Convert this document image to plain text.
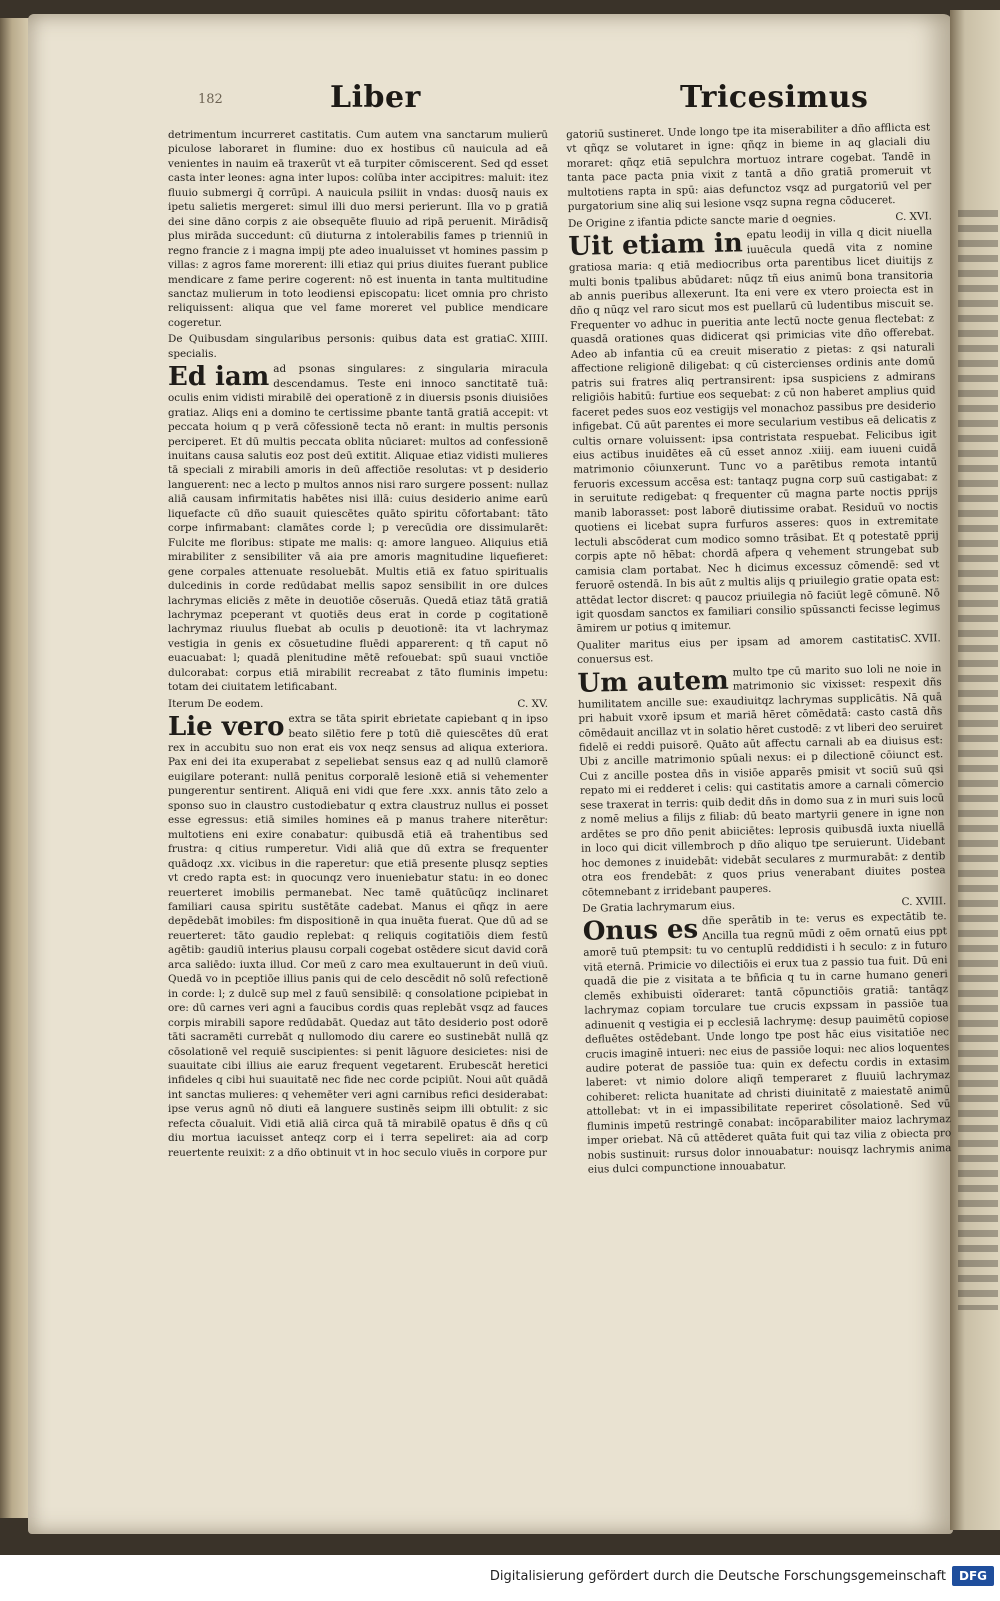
182	Liber	Tricesimus

detrimentum incurreret castitatis. Cum autem vna sanctarum mulierū piculose laboraret in flumine: duo ex hostibus cū nauicula ad eā venientes in nauim eā traxerūt vt eā turpiter cōmiscerent. Sed qd esset casta inter leones: agna inter lupos: colūba inter accipitres: maluit: itez fluuio submergi q̄ corrūpi. A nauicula psiliit in vndas: duosq̄ nauis ex ipetu salietis mergeret: simul illi duo mersi perierunt. Illa vo p gratiā dei sine dāno corpis z aie obsequēte fluuio ad ripā peruenit. Mirādisq̄ plus mirāda succedunt: cū diuturna z intolerabilis fames p trienniū in regno francie z i magna impij pte adeo inualuisset vt homines passim p villas: z agros fame morerent: illi etiaz qui prius diuites fuerant publice mendicare z fame perire cogerent: nō est inuenta in tanta multitudine sanctaz mulierum in toto leodiensi episcopatu: licet omnia pro christo reliquissent: aliqua que vel fame moreret vel publice mendicare cogeretur.

C. XIIII.
De Quibusdam singularibus personis: quibus data est gratia specialis.

Ed iam ad psonas singulares: z singularia miracula descendamus. Teste eni innoco sanctitatē tuā: oculis enim vidisti mirabilē dei operationē z in diuersis psonis diuisiōes gratiaz. Aliqs eni a domino te certissime pbante tantā gratiā accepit: vt peccata hoium q p verā cōfessionē tecta nō erant: in multis personis perciperet. Et dū multis peccata oblita nūciaret: multos ad confessionē inuitans causa salutis eoz post deū extitit. Aliquae etiaz vidisti mulieres tā speciali z mirabili amoris in deū affectiōe resolutas: vt p desiderio languerent: nec a lecto p multos annos nisi raro surgere possent: nullaz aliā causam infirmitatis habētes nisi illā: cuius desiderio anime earū liquefacte cū dño suauit quiescētes quāto spiritu cōfortabant: tāto corpe infirmabant: clamātes corde l; p verecūdia ore dissimularēt: Fulcite me floribus: stipate me malis: q: amore langueo. Aliquius etiā mirabiliter z sensibiliter vā aia pre amoris magnitudine liquefieret: gene corpales attenuate resoluebāt. Multis etiā ex fatuo spiritualis dulcedinis in corde redūdabat mellis sapoz sensibilit in ore dulces lachrymas eliciēs z mēte in deuotiōe cōseruās. Quedā etiaz tātā gratiā lachrymaz pceperant vt quotiēs deus erat in corde p cogitationē lachrymaz riuulus fluebat ab oculis p deuotionē: ita vt lachrymaz vestigia in genis ex cōsuetudine fluēdi apparerent: q tñ caput nō euacuabat: l; quadā plenitudine mētē refouebat: spū suaui vnctiōe dulcorabat: corpus etiā mirabilit recreabat z tāto fluminis impetu: totam dei ciuitatem letificabant.

C. XV.
Iterum De eodem.

Lie vero extra se tāta spirit ebrietate capiebant q in ipso beato silētio fere p totū diē quiescētes dū erat rex in accubitu suo non erat eis vox neqz sensus ad aliqua exteriora. Pax eni dei ita exuperabat z sepeliebat sensus eaz q ad nullū clamorē euigilare poterant: nullā penitus corporalē lesionē etiā si vehementer pungerentur sentirent. Aliquā eni vidi que fere .xxx. annis tāto zelo a sponso suo in claustro custodiebatur q extra claustruz nullus ei posset esse egressus: etiā similes homines eā p manus trahere niterētur: multotiens eni exire conabatur: quibusdā etiā eā trahentibus sed frustra: q citius rumperetur. Vidi aliā que dū extra se frequenter quādoqz .xx. vicibus in die raperetur: que etiā presente plusqz septies vt credo rapta est: in quocunqz vero inueniebatur statu: in eo donec reuerteret imobilis permanebat. Nec tamē quātūcūqz inclinaret familiari causa spiritu sustētāte cadebat. Manus ei qñqz in aere depēdebāt imobiles: fm dispositionē in qua inuēta fuerat. Que dū ad se reuerteret: tāto gaudio replebat: q reliquis cogitatiōis diem festū agētib: gaudiū interius plausu corpali cogebat ostēdere sicut david corā arca saliēdo: iuxta illud. Cor meū z caro mea exultauerunt in deū viuū. Quedā vo in pceptiōe illius panis qui de celo descēdit nō solū refectionē in corde: l; z dulcē sup mel z fauū sensibilē: q consolatione pcipiebat in ore: dū carnes veri agni a faucibus cordis quas replebāt vsqz ad fauces corpis mirabili sapore redūdabāt. Quedaz aut tāto desiderio post odorē tāti sacramēti currebāt q nullomodo diu carere eo sustinebāt nullā qz cōsolationē vel requiē suscipientes: si penit lāguore desicietes: nisi de suauitate cibi illius aie earuz frequent vegetarent. Erubescāt heretici infideles q cibi hui suauitatē nec fide nec corde pcipiūt. Noui aūt quādā int sanctas mulieres: q vehemēter veri agni carnibus refici desiderabat: ipse verus agnū nō diuti eā languere sustinēs seipm illi obtulit: z sic refecta cōualuit. Vidi etiā aliā circa quā tā mirabilē opatus ē dñs q cū diu mortua iacuisset anteqz corp ei i terra sepeliret: aia ad corp reuertente reuixit: z a dño obtinuit vt in hoc seculo viuēs in corpore pur

gatoriū sustineret. Unde longo tpe ita miserabiliter a dño afflicta est vt qñqz se volutaret in igne: qñqz in bieme in aq glaciali diu moraret: qñqz etiā sepulchra mortuoz intrare cogebat. Tandē in tanta pace pacta pnia vixit z tantā a dño gratiā promeruit vt multotiens rapta in spū: aias defunctoz vsqz ad purgatoriū vel per purgatorium sine aliq sui lesione vsqz supna regna cōduceret.

C. XVI.
De Origine z ifantia pdicte sancte marie d oegnies.

Uit etiam in epatu leodij in villa q dicit niuella iuuēcula quedā vita z nomine gratiosa maria: q etiā mediocribus orta parentibus licet diuitijs z multi bonis tpalibus abūdaret: nūqz tñ eius animū bona transitoria ab annis pueribus allexerunt. Ita eni vere ex vtero proiecta est in dño q nūqz vel raro sicut mos est puellarū cū ludentibus miscuit se. Frequenter vo adhuc in pueritia ante lectū nocte genua flectebat: z quasdā orationes quas didicerat qsi primicias vite dño offerebat. Adeo ab infantia cū ea creuit miseratio z pietas: z qsi naturali affectione religionē diligebat: q cū cistercienses ordinis ante domū patris sui fratres aliq pertransirent: ipsa suspiciens z admirans religiōis habitū: furtiue eos sequebat: z cū non haberet amplius quid faceret pedes suos eoz vestigijs vel monachoz passibus pre desiderio infigebat. Cū aūt parentes ei more secularium vestibus eā delicatis z cultis ornare voluissent: ipsa contristata respuebat. Felicibus igit eius actibus inuidētes eā cū esset annoz .xiiij. eam iuueni cuidā matrimonio cōiunxerunt. Tunc vo a parētibus remota intantū feruoris excessum accēsa est: tantaqz pugna corp suū castigabat: z in seruitute redigebat: q frequenter cū magna parte noctis pprijs manib laborasset: post laborē diutissime orabat. Residuū vo noctis quotiens ei licebat supra furfuros asseres: quos in extremitate lectuli abscōderat cum modico somno trāsibat. Et q potestatē pprij corpis apte nō hēbat: chordā afpera q vehement strungebat sub camisia clam portabat. Nec h dicimus excessuz cōmendē: sed vt feruorē ostendā. In bis aūt z multis alijs q priuilegio gratie opata est: attēdat lector discret: q paucoz priuilegia nō faciūt legē cōmunē. Nō igit quosdam sanctos ex familiari consilio spūssancti fecisse legimus āmirem ur potius q imitemur.

C. XVII.
Qualiter maritus eius per ipsam ad amorem castitatis conuersus est.

Um autem multo tpe cū marito suo loli ne noie in matrimonio sic vixisset: respexit dñs humilitatem ancille sue: exaudiuitqz lachrymas supplicātis. Nā quā pri habuit vxorē ipsum et mariā hēret cōmēdatā: casto castā dñs cōmēdauit ancillaz vt in solatio hēret custodē: z vt liberi deo seruiret fidelē ei reddi puisorē. Quāto aūt affectu carnali ab ea diuisus est: Ubi z ancille matrimonio spūali nexus: ei p dilectionē cōiunct est. Cui z ancille postea dñs in visiōe apparēs pmisit vt sociū suū qsi repato mi ei redderet i celis: qui castitatis amore a carnali cōmercio sese traxerat in terris: quib dedit dñs in domo sua z in muri suis locū z nomē melius a filijs z filiab: dū beato martyrii genere in igne non ardētes se pro dño penit abiiciētes: leprosis quibusdā iuxta niuellā in loco qui dicit villembroch p dño aliquo tpe seruierunt. Uidebant hoc demones z inuidebāt: videbāt seculares z murmurabāt: z dentib otra eos frendebāt: z quos prius venerabant diuites postea cōtemnebant z irridebant pauperes.

C. XVIII.
De Gratia lachrymarum eius.

Onus es dñe sperātib in te: verus es expectātib te. Ancilla tua regnū mūdi z oēm ornatū eius ppt amorē tuū ptempsit: tu vo centuplū reddidisti i h seculo: z in futuro vitā eternā. Primicie vo dilectiōis ei erux tua z passio tua fuit. Dū eni quadā die pie z visitata a te bñficia q tu in carne humano generi clemēs exhibuisti oīderaret: tantā cōpunctiōis gratiā: tantāqz lachrymaz copiam torculare tue crucis expssam in passiōe tua adinuenit q vestigia ei p ecclesiā lachrymę: desup pauimētū copiose defluētes ostēdebant. Unde longo tpe post hāc eius visitatiōe nec crucis imaginē intueri: nec eius de passiōe loqui: nec alios loquentes audire poterat de passiōe tua: quin ex defectu cordis in extasim laberet: vt nimio dolore aliqñ temperaret z fluuiū lachrymaz cohiberet: relicta huanitate ad christi diuinitatē z maiestatē animū attollebat: vt in ei impassibilitate reperiret cōsolationē. Sed vū fluminis impetū restringē conabat: incōparabiliter maioz lachrymaz imper oriebat. Nā cū attēderet quāta fuit qui taz vilia z obiecta pro nobis sustinuit: rursus dolor innouabatur: nouisqz lachrymis anima eius dulci compunctione innouabatur.

Digitalisierung gefördert durch die Deutsche Forschungsgemeinschaft	DFG
